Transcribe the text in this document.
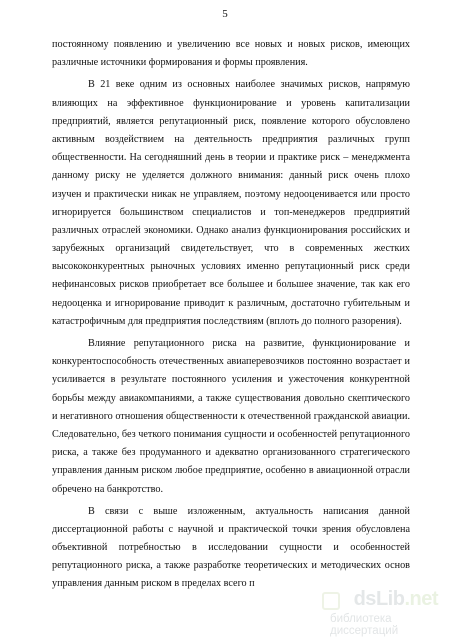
5
постоянному появлению и увеличению все новых и новых рисков, имеющих
различные источники формирования и формы проявления.
В 21 веке одним из основных наиболее значимых рисков, напрямую
влияющих на эффективное функционирование и уровень капитализации
предприятий, является репутационный риск, появление которого обусловлено
активным воздействием на деятельность предприятия различных групп
общественности. На сегодняшний день в теории и практике риск – менеджмента
данному риску не уделяется должного внимания: данный риск очень плохо
изучен и практически никак не управляем, поэтому недооценивается или просто
игнорируется большинством специалистов и топ-менеджеров предприятий
различных отраслей экономики. Однако анализ функционирования российских и
зарубежных организаций свидетельствует, что в современных жестких
высококонкурентных рыночных условиях именно репутационный риск среди
нефинансовых рисков приобретает все большее и большее значение, так как его
недооценка и игнорирование приводит к различным, достаточно губительным и
катастрофичным для предприятия последствиям (вплоть до полного разорения).
Влияние репутационного риска на развитие, функционирование и
конкурентоспособность отечественных авиаперевозчиков постоянно возрастает и
усиливается в результате постоянного усиления и ужесточения конкурентной
борьбы между авиакомпаниями, а также существования довольно скептического
и негативного отношения общественности к отечественной гражданской авиации.
Следовательно, без четкого понимания сущности и особенностей репутационного
риска, а также без продуманного и адекватно организованного стратегического
управления данным риском любое предприятие, особенно в авиационной отрасли
обречено на банкротство.
В связи с выше изложенным, актуальность написания данной
диссертационной работы с научной и практической точки зрения обусловлена
объективной потребностью в исследовании сущности и особенностей
репутационного риска, а также разработке теоретических и методических основ
управления данным риском в пределах всего п
dsLib.net
библиотека диссертаций
